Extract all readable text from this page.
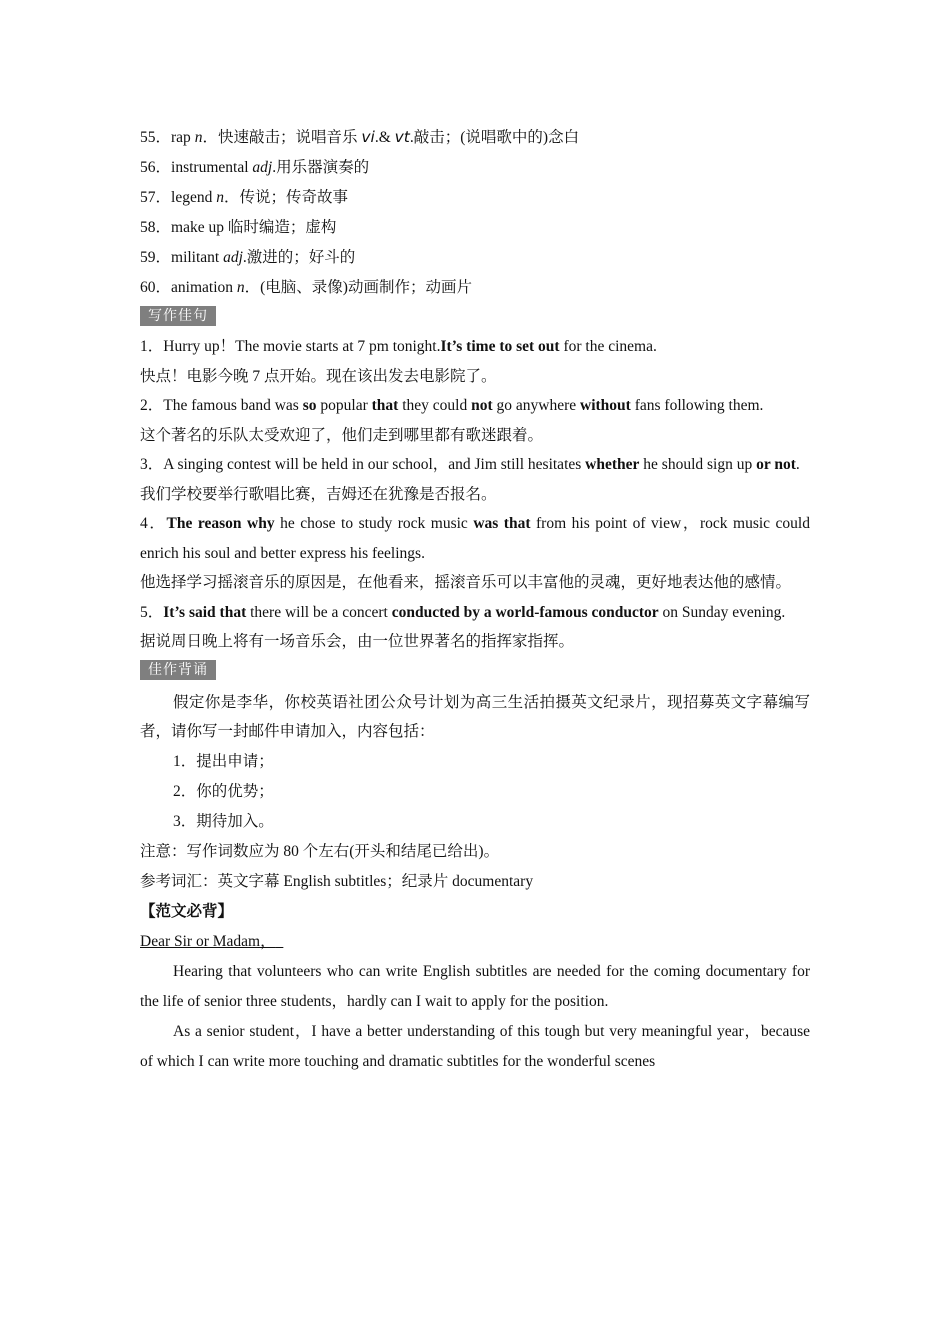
55．rap n．快速敲击；说唱音乐 vi.& vt.敲击；(说唱歌中的)念白

56．instrumental adj.用乐器演奏的

57．legend n．传说；传奇故事

58．make up 临时编造；虚构

59．militant adj.激进的；好斗的

60．animation n．(电脑、录像)动画制作；动画片

写作佳句

1．Hurry up！The movie starts at 7 pm tonight.It’s time to set out for the cinema.

快点！电影今晚 7 点开始。现在该出发去电影院了。

2．The famous band was so popular that they could not go anywhere without fans following them.

这个著名的乐队太受欢迎了，他们走到哪里都有歌迷跟着。

3．A singing contest will be held in our school，and Jim still hesitates whether he should sign up or not.

我们学校要举行歌唱比赛，吉姆还在犹豫是否报名。

4．The reason why he chose to study rock music was that from his point of view，rock music could enrich his soul and better express his feelings.

他选择学习摇滚音乐的原因是，在他看来，摇滚音乐可以丰富他的灵魂，更好地表达他的感情。

5．It’s said that there will be a concert conducted by a world-famous conductor on Sunday evening.

据说周日晚上将有一场音乐会，由一位世界著名的指挥家指挥。

佳作背诵

假定你是李华，你校英语社团公众号计划为高三生活拍摄英文纪录片，现招募英文字幕编写者，请你写一封邮件申请加入，内容包括：

1．提出申请；

2．你的优势；

3．期待加入。

注意：写作词数应为 80 个左右(开头和结尾已给出)。

参考词汇：英文字幕 English subtitles；纪录片 documentary

【范文必背】

Dear Sir or Madam，

Hearing that volunteers who can write English subtitles are needed for the coming documentary for the life of senior three students，hardly can I wait to apply for the position.

As a senior student，I have a better understanding of this tough but very meaningful year，because of which I can write more touching and dramatic subtitles for the wonderful scenes
